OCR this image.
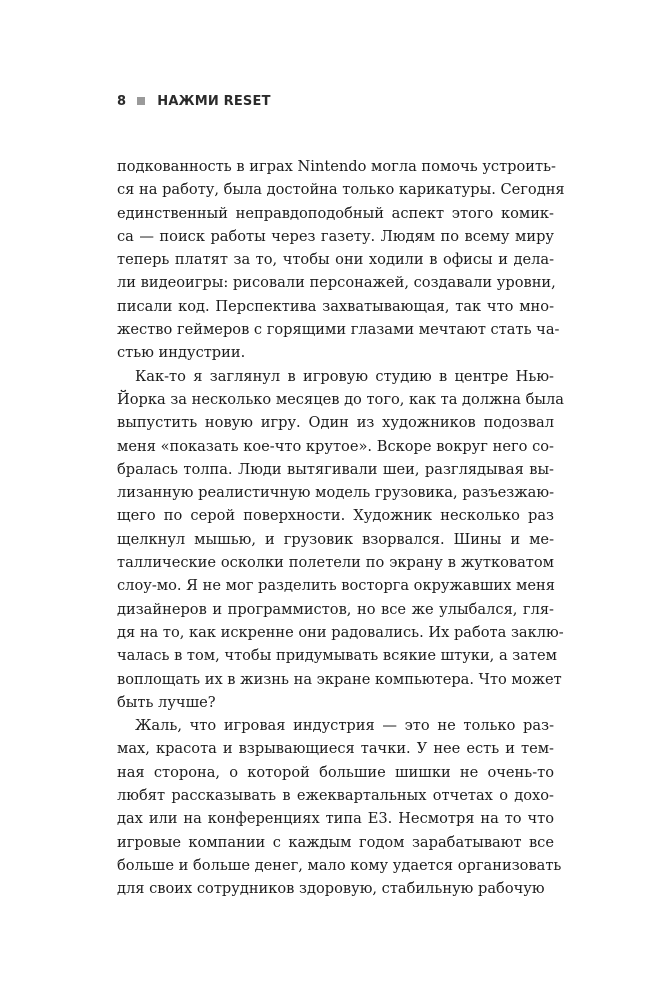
8 НАЖМИ RESET

подкованность в играх Nintendo могла помочь устроить-
ся на работу, была достойна только карикатуры. Сегодня
единственный неправдоподобный аспект этого комик-
са — поиск работы через газету. Людям по всему миру
теперь платят за то, чтобы они ходили в офисы и дела-
ли видеоигры: рисовали персонажей, создавали уровни,
писали код. Перспектива захватывающая, так что мно-
жество геймеров с горящими глазами мечтают стать ча-
стью индустрии.

Как-то я заглянул в игровую студию в центре Нью-
Йорка за несколько месяцев до того, как та должна была
выпустить новую игру. Один из художников подозвал
меня «показать кое-что крутое». Вскоре вокруг него со-
бралась толпа. Люди вытягивали шеи, разглядывая вы-
лизанную реалистичную модель грузовика, разъезжаю-
щего по серой поверхности. Художник несколько раз
щелкнул мышью, и грузовик взорвался. Шины и ме-
таллические осколки полетели по экрану в жутковатом
слоу-мо. Я не мог разделить восторга окружавших меня
дизайнеров и программистов, но все же улыбался, гля-
дя на то, как искренне они радовались. Их работа заклю-
чалась в том, чтобы придумывать всякие штуки, а затем
воплощать их в жизнь на экране компьютера. Что может
быть лучше?

Жаль, что игровая индустрия — это не только раз-
мах, красота и взрывающиеся тачки. У нее есть и тем-
ная сторона, о которой большие шишки не очень-то
любят рассказывать в ежеквартальных отчетах о дохо-
дах или на конференциях типа E3. Несмотря на то что
игровые компании с каждым годом зарабатывают все
больше и больше денег, мало кому удается организовать
для своих сотрудников здоровую, стабильную рабочую
